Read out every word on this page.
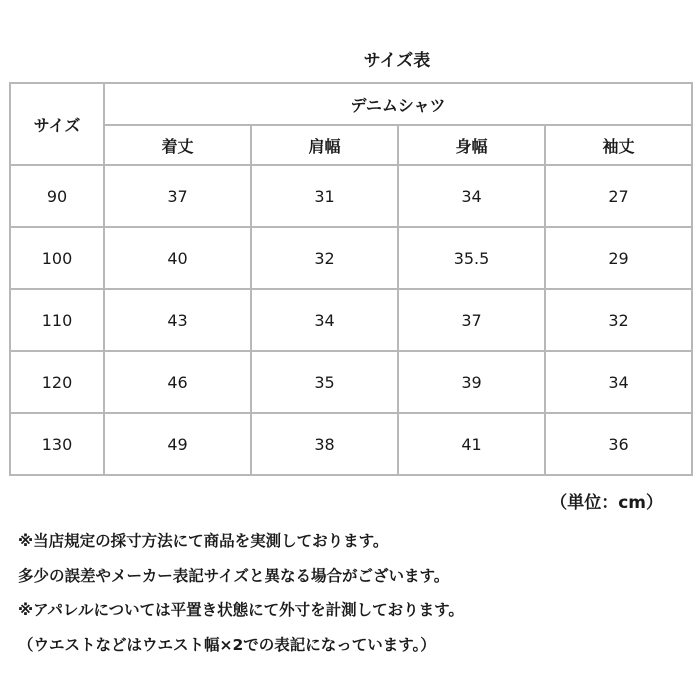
サイズ表
サイズ	デニムシャツ			
	着丈	肩幅	身幅	袖丈
90	37	31	34	27
100	40	32	35.5	29
110	43	34	37	32
120	46	35	39	34
130	49	38	41	36
（単位：cm）
※当店規定の採寸方法にて商品を実測しております。
多少の誤差やメーカー表記サイズと異なる場合がございます。
※アパレルについては平置き状態にて外寸を計測しております。
（ウエストなどはウエスト幅×2での表記になっています。）
